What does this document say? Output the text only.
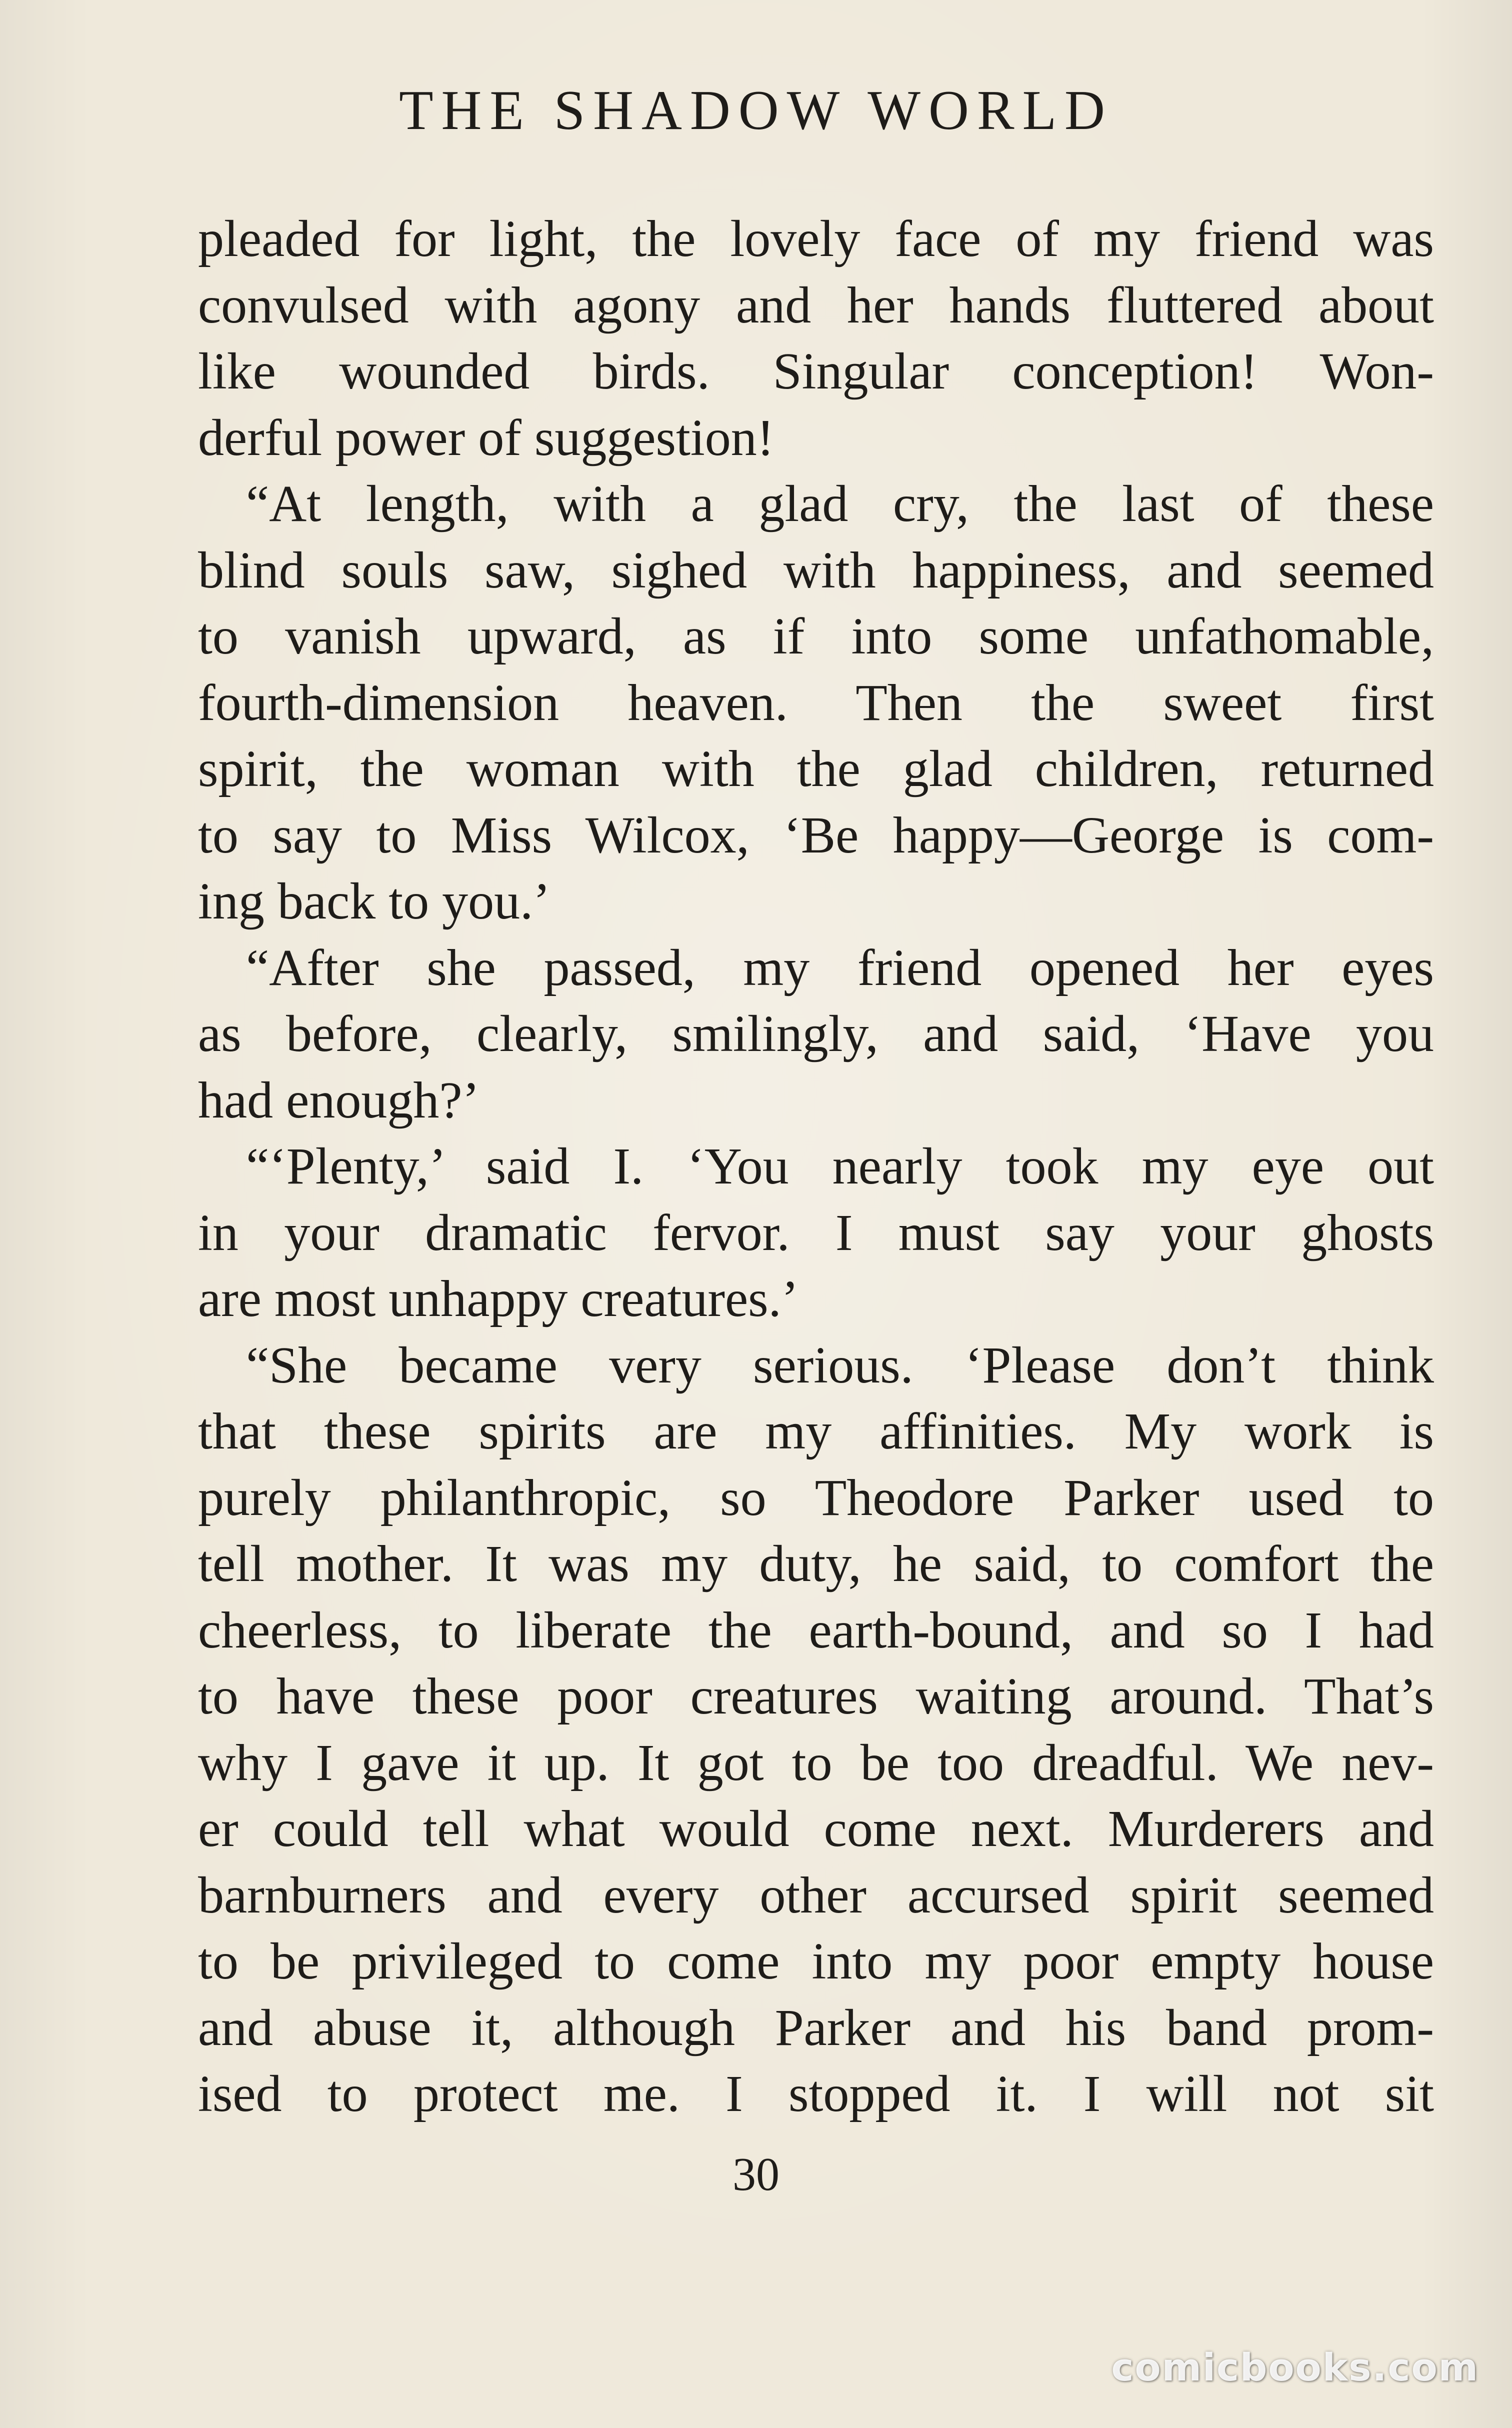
THE SHADOW WORLD
pleaded for light, the lovely face of my friend was
convulsed with agony and her hands fluttered about
like wounded birds. Singular conception! Won-
derful power of suggestion!
“At length, with a glad cry, the last of these
blind souls saw, sighed with happiness, and seemed
to vanish upward, as if into some unfathomable,
fourth-dimension heaven. Then the sweet first
spirit, the woman with the glad children, returned
to say to Miss Wilcox, ‘Be happy—George is com-
ing back to you.’
“After she passed, my friend opened her eyes
as before, clearly, smilingly, and said, ‘Have you
had enough?’
“‘Plenty,’ said I. ‘You nearly took my eye out
in your dramatic fervor. I must say your ghosts
are most unhappy creatures.’
“She became very serious. ‘Please don’t think
that these spirits are my affinities. My work is
purely philanthropic, so Theodore Parker used to
tell mother. It was my duty, he said, to comfort the
cheerless, to liberate the earth-bound, and so I had
to have these poor creatures waiting around. That’s
why I gave it up. It got to be too dreadful. We nev-
er could tell what would come next. Murderers and
barnburners and every other accursed spirit seemed
to be privileged to come into my poor empty house
and abuse it, although Parker and his band prom-
ised to protect me. I stopped it. I will not sit
30
comicbooks.com
